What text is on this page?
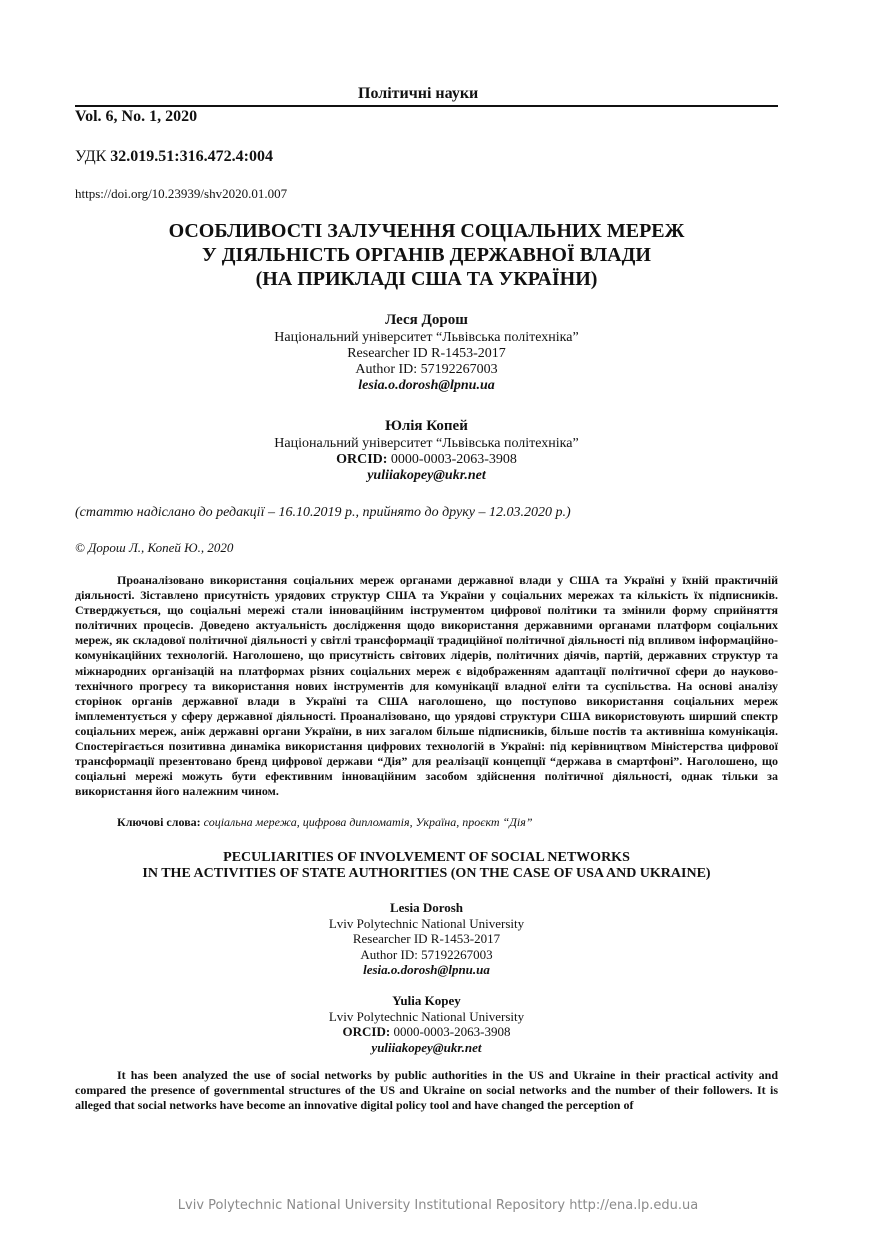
Політичні науки
Vol. 6, No. 1, 2020
УДК 32.019.51:316.472.4:004
https://doi.org/10.23939/shv2020.01.007
ОСОБЛИВОСТІ ЗАЛУЧЕННЯ СОЦІАЛЬНИХ МЕРЕЖ
У ДІЯЛЬНІСТЬ ОРГАНІВ ДЕРЖАВНОЇ ВЛАДИ
(НА ПРИКЛАДІ США ТА УКРАЇНИ)
Леся Дорош
Національний університет “Львівська політехніка”
Researcher ID R-1453-2017
Author ID: 57192267003
lesia.o.dorosh@lpnu.ua
Юлія Копей
Національний університет “Львівська політехніка”
ORCID: 0000-0003-2063-3908
yuliiakopey@ukr.net
(статтю надіслано до редакції – 16.10.2019 р., прийнято до друку – 12.03.2020 р.)
© Дорош Л., Копей Ю., 2020
Проаналізовано використання соціальних мереж органами державної влади у США та Україні у їхній практичній діяльності. Зіставлено присутність урядових структур США та України у соціальних мережах та кількість їх підписників. Стверджується, що соціальні мережі стали інноваційним інструментом цифрової політики та змінили форму сприйняття політичних процесів. Доведено актуальність дослідження щодо використання державними органами платформ соціальних мереж, як складової політичної діяльності у світлі трансформації традиційної політичної діяльності під впливом інформаційно-комунікаційних технологій. Наголошено, що присутність світових лідерів, політичних діячів, партій, державних структур та міжнародних організацій на платформах різних соціальних мереж є відображенням адаптації політичної сфери до науково-технічного прогресу та використання нових інструментів для комунікації владної еліти та суспільства. На основі аналізу сторінок органів державної влади в Україні та США наголошено, що поступово використання соціальних мереж імплементується у сферу державної діяльності. Проаналізовано, що урядові структури США використовують ширший спектр соціальних мереж, аніж державні органи України, в них загалом більше підписників, більше постів та активніша комунікація. Спостерігається позитивна динаміка використання цифрових технологій в Україні: під керівництвом Міністерства цифрової трансформації презентовано бренд цифрової держави “Дія” для реалізації концепції “держава в смартфоні”. Наголошено, що соціальні мережі можуть бути ефективним інноваційним засобом здійснення політичної діяльності, однак тільки за використання його належним чином.
Ключові слова: соціальна мережа, цифрова дипломатія, Україна, проєкт “Дія”
PECULIARITIES OF INVOLVEMENT OF SOCIAL NETWORKS
IN THE ACTIVITIES OF STATE AUTHORITIES (ON THE CASE OF USA AND UKRAINE)
Lesia Dorosh
Lviv Polytechnic National University
Researcher ID R-1453-2017
Author ID: 57192267003
lesia.o.dorosh@lpnu.ua
Yulia Kopey
Lviv Polytechnic National University
ORCID: 0000-0003-2063-3908
yuliiakopey@ukr.net
It has been analyzed the use of social networks by public authorities in the US and Ukraine in their practical activity and compared the presence of governmental structures of the US and Ukraine on social networks and the number of their followers. It is alleged that social networks have become an innovative digital policy tool and have changed the perception of
Lviv Polytechnic National University Institutional Repository http://ena.lp.edu.ua
